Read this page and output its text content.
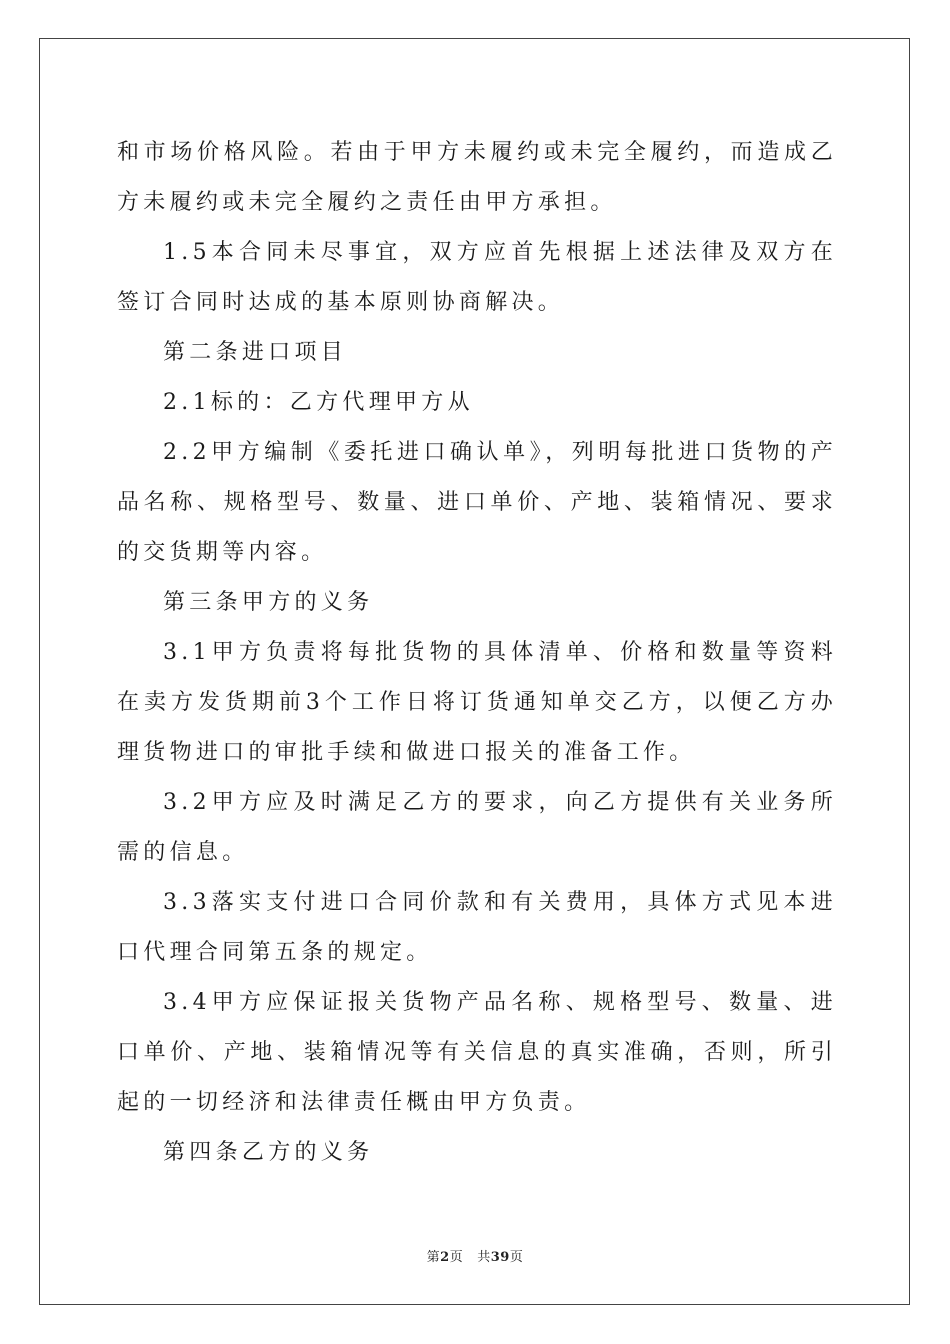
和市场价格风险。若由于甲方未履约或未完全履约，而造成乙方未履约或未完全履约之责任由甲方承担。

1.5本合同未尽事宜，双方应首先根据上述法律及双方在签订合同时达成的基本原则协商解决。

第二条进口项目

2.1标的：乙方代理甲方从

2.2甲方编制《委托进口确认单》，列明每批进口货物的产品名称、规格型号、数量、进口单价、产地、装箱情况、要求的交货期等内容。

第三条甲方的义务

3.1甲方负责将每批货物的具体清单、价格和数量等资料在卖方发货期前3个工作日将订货通知单交乙方，以便乙方办理货物进口的审批手续和做进口报关的准备工作。

3.2甲方应及时满足乙方的要求，向乙方提供有关业务所需的信息。

3.3落实支付进口合同价款和有关费用，具体方式见本进口代理合同第五条的规定。

3.4甲方应保证报关货物产品名称、规格型号、数量、进口单价、产地、装箱情况等有关信息的真实准确，否则，所引起的一切经济和法律责任概由甲方负责。

第四条乙方的义务

第2页 共39页
